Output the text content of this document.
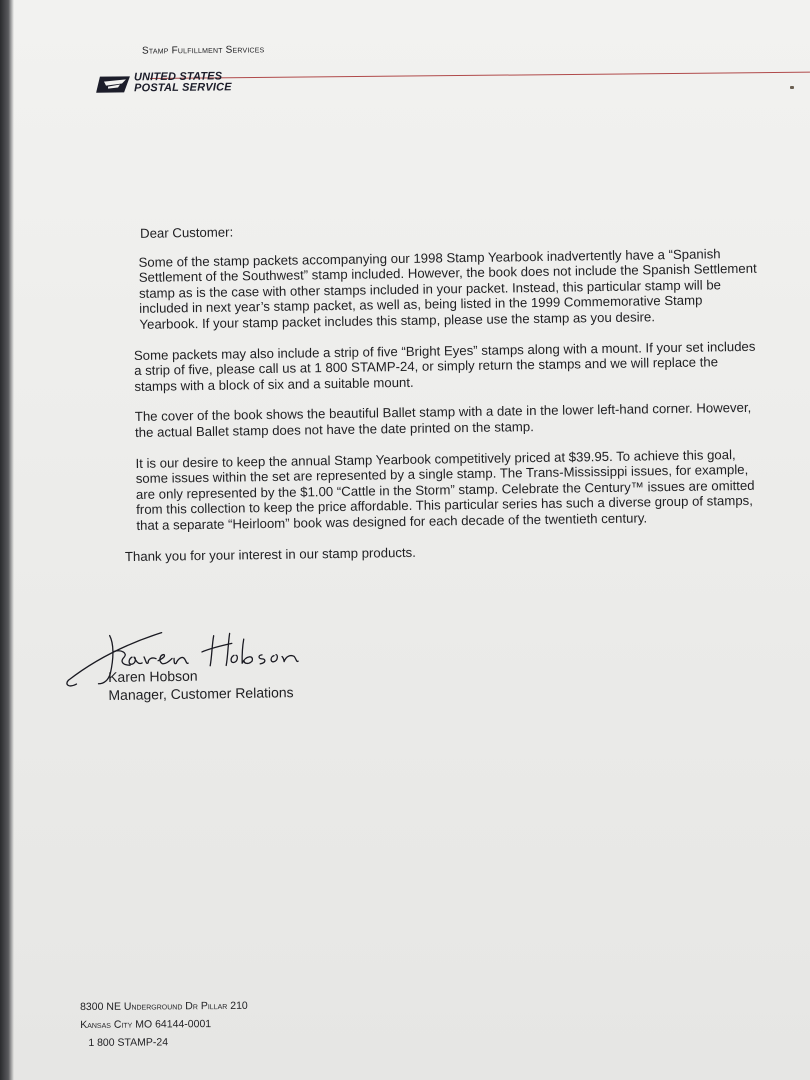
Stamp Fulfillment Services
UNITED STATES
POSTAL SERVICE
Dear Customer:
Some of the stamp packets accompanying our 1998 Stamp Yearbook inadvertently have a “Spanish Settlement of the Southwest” stamp included. However, the book does not include the Spanish Settlement stamp as is the case with other stamps included in your packet. Instead, this particular stamp will be included in next year’s stamp packet, as well as, being listed in the 1999 Commemorative Stamp Yearbook. If your stamp packet includes this stamp, please use the stamp as you desire.
Some packets may also include a strip of five “Bright Eyes” stamps along with a mount. If your set includes a strip of five, please call us at 1 800 STAMP-24, or simply return the stamps and we will replace the stamps with a block of six and a suitable mount.
The cover of the book shows the beautiful Ballet stamp with a date in the lower left-hand corner. However, the actual Ballet stamp does not have the date printed on the stamp.
It is our desire to keep the annual Stamp Yearbook competitively priced at $39.95. To achieve this goal, some issues within the set are represented by a single stamp. The Trans-Mississippi issues, for example, are only represented by the $1.00 “Cattle in the Storm” stamp. Celebrate the Century™ issues are omitted from this collection to keep the price affordable. This particular series has such a diverse group of stamps, that a separate “Heirloom” book was designed for each decade of the twentieth century.
Thank you for your interest in our stamp products.
Karen Hobson
Manager, Customer Relations
8300 NE Underground Dr Pillar 210
Kansas City MO 64144-0001
1 800 STAMP-24
